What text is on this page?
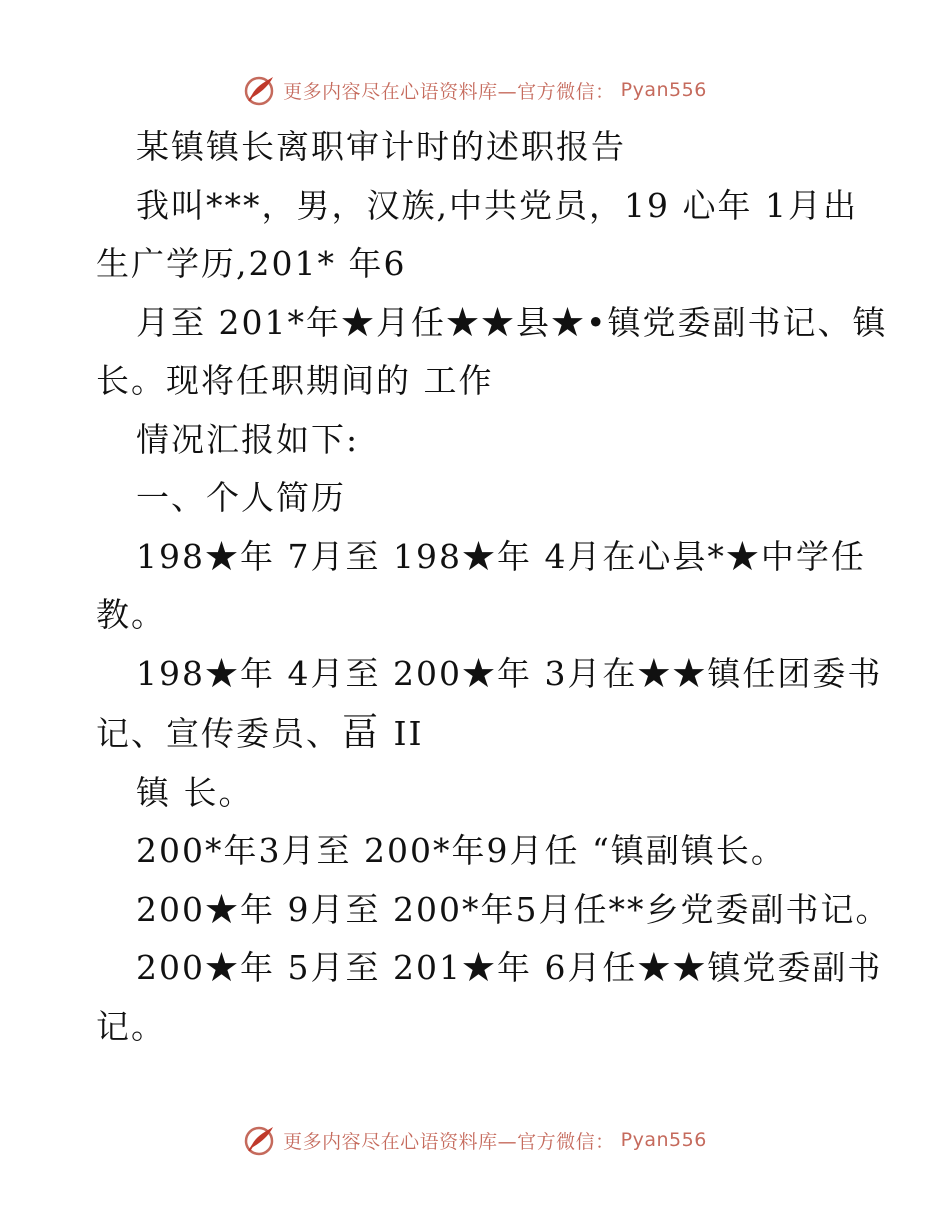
更多内容尽在心语资料库—官方微信： Pyan556

某镇镇长离职审计时的述职报告

我叫***，男，汉族,中共党员，19 心年 1月出
生广学历,201* 年6

月至 201*年★月任★★县★•镇党委副书记、镇
长。现将任职期间的 工作

情况汇报如下:

一、个人简历

198★年 7月至 198★年 4月在心县*★中学任
教。

198★年 4月至 200★年 3月在★★镇任团委书
记、宣传委员、畐 II

镇 长。

200*年3月至 200*年9月任 “镇副镇长。

200★年 9月至 200*年5月任**乡党委副书记。

200★年 5月至 201★年 6月任★★镇党委副书
记。

更多内容尽在心语资料库—官方微信： Pyan556
